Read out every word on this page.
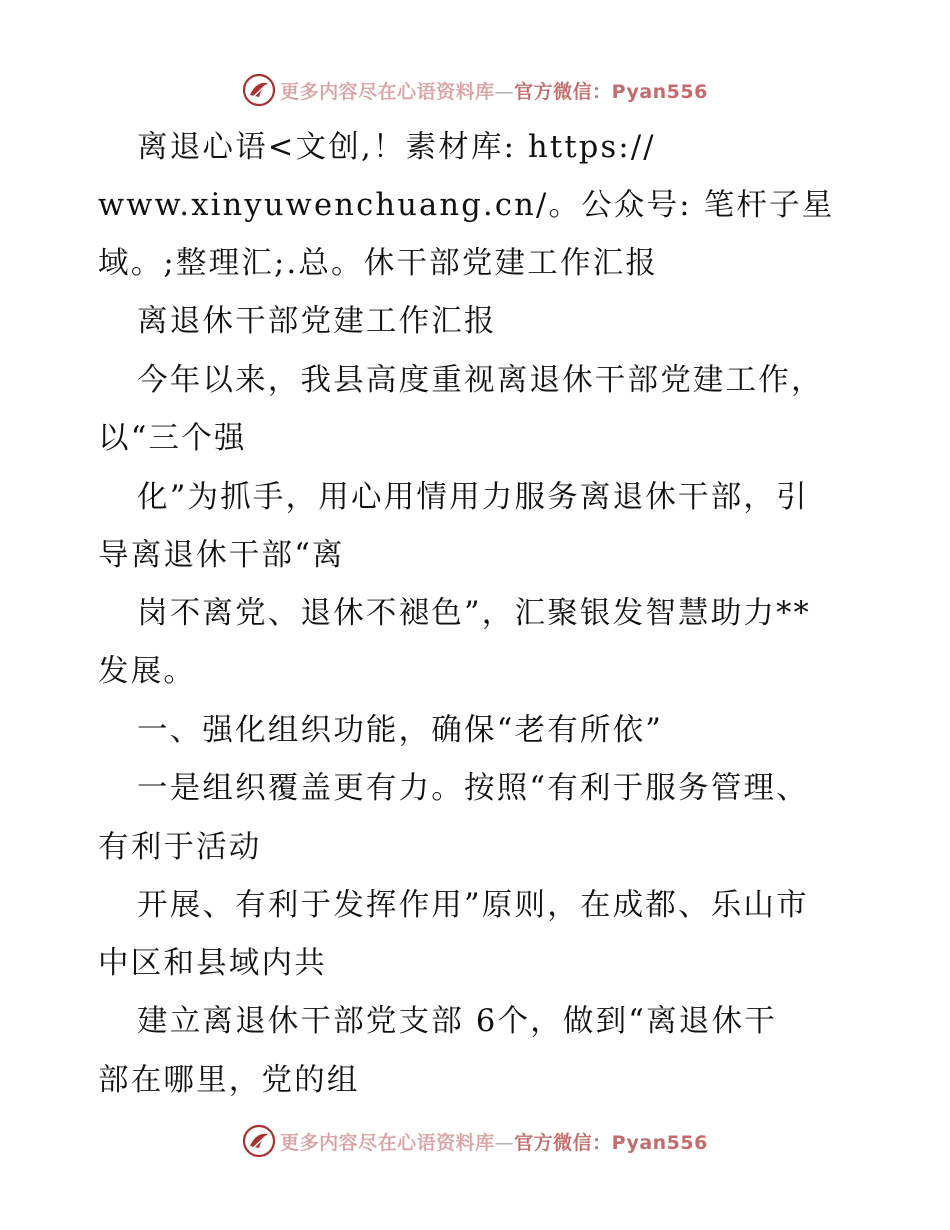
更多内容尽在心语资料库—官方微信：Pyan556
离退心语<文创,！素材库: https://
www.xinyuwenchuang.cn/。公众号: 笔杆子星
域。;整理汇;.总。休干部党建工作汇报
离退休干部党建工作汇报
今年以来，我县高度重视离退休干部党建工作，
以“三个强
化”为抓手，用心用情用力服务离退休干部，引
导离退休干部“离
岗不离党、退休不褪色”，汇聚银发智慧助力**
发展。
一、强化组织功能，确保“老有所依”
一是组织覆盖更有力。按照“有利于服务管理、
有利于活动
开展、有利于发挥作用”原则，在成都、乐山市
中区和县域内共
建立离退休干部党支部 6个，做到“离退休干
部在哪里，党的组
更多内容尽在心语资料库—官方微信：Pyan556
